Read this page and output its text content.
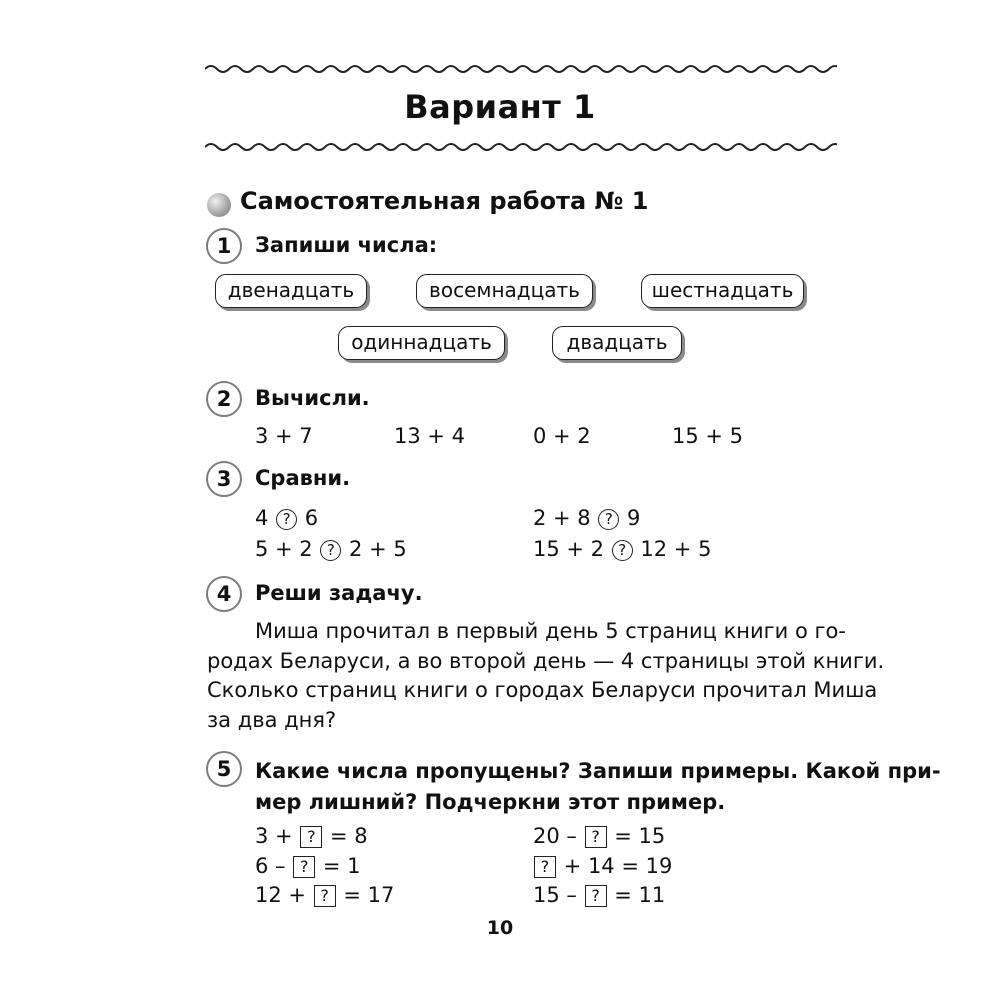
Вариант 1
Самостоятельная работа № 1
1	Запиши числа:
двенадцать	восемнадцать	шестнадцать
одиннадцать	двадцать
2	Вычисли.
3 + 7	13 + 4	0 + 2	15 + 5
3	Сравни.
4 ? 6	2 + 8 ? 9
5 + 2 ? 2 + 5	15 + 2 ? 12 + 5
4	Реши задачу.
Миша прочитал в первый день 5 страниц книги о го-
родах Беларуси, а во второй день — 4 страницы этой книги.
Сколько страниц книги о городах Беларуси прочитал Миша
за два дня?
5	Какие числа пропущены? Запиши примеры. Какой при-
мер лишний? Подчеркни этот пример.
3 + ? = 8	20 – ? = 15
6 – ? = 1	? + 14 = 19
12 + ? = 17	15 – ? = 11
10
